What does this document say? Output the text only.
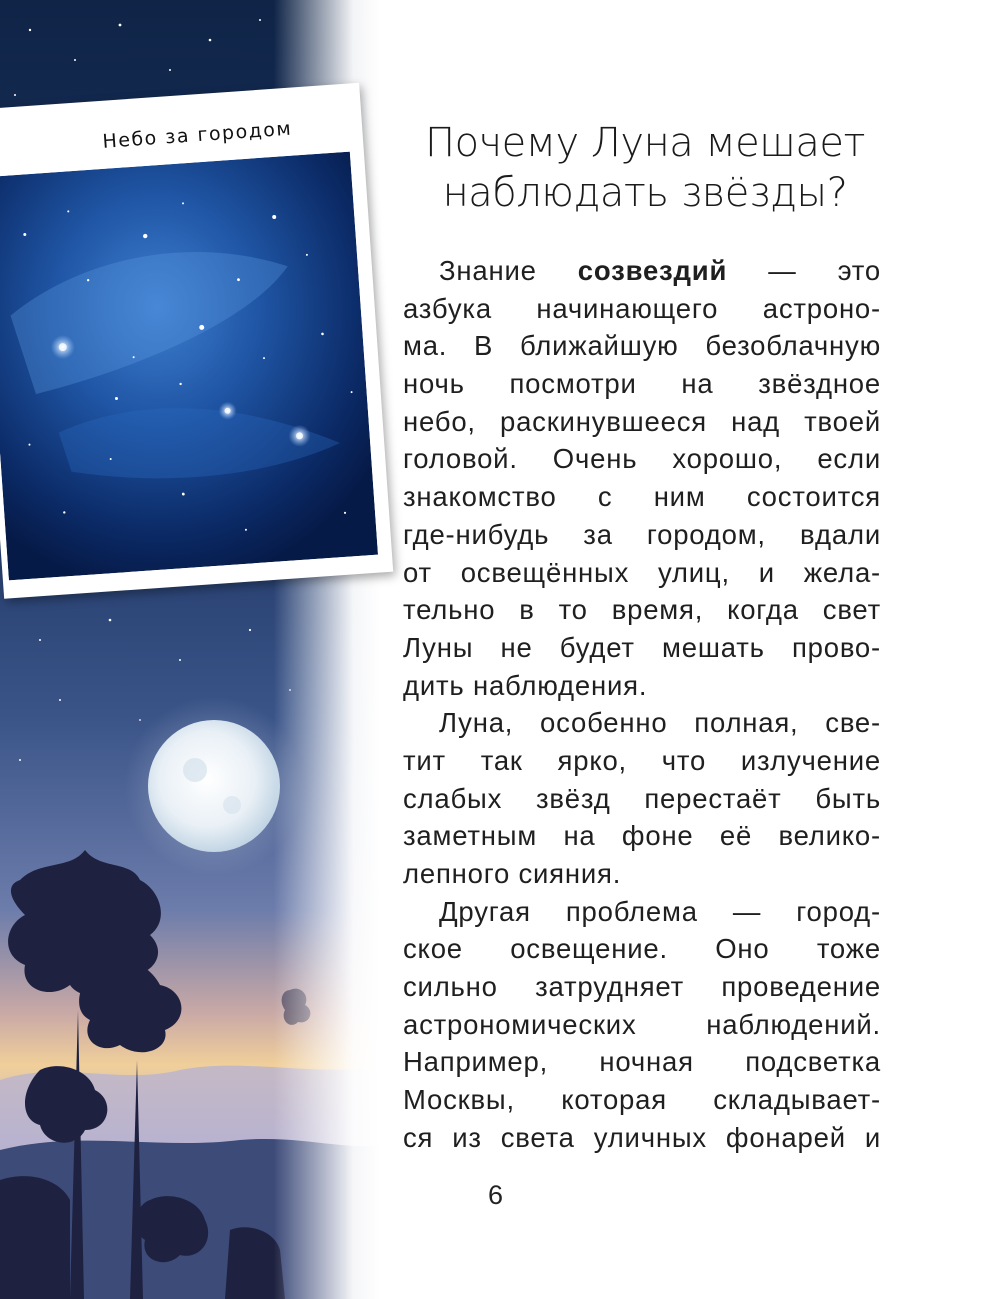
Небо за городом	Почему Луна мешает
наблюдать звёзды?
Знание созвездий — это
азбука начинающего астроно-
ма. В ближайшую безоблачную
ночь посмотри на звёздное
небо, раскинувшееся над твоей
головой. Очень хорошо, если
знакомство с ним состоится
где-нибудь за городом, вдали
от освещённых улиц, и жела-
тельно в то время, когда свет
Луны не будет мешать прово-
дить наблюдения.
Луна, особенно полная, све-
тит так ярко, что излучение
слабых звёзд перестаёт быть
заметным на фоне её велико-
лепного сияния.
Другая проблема — город-
ское освещение. Оно тоже
сильно затрудняет проведение
астрономических наблюдений.
Например, ночная подсветка
Москвы, которая складывает-
ся из света уличных фонарей и
6
